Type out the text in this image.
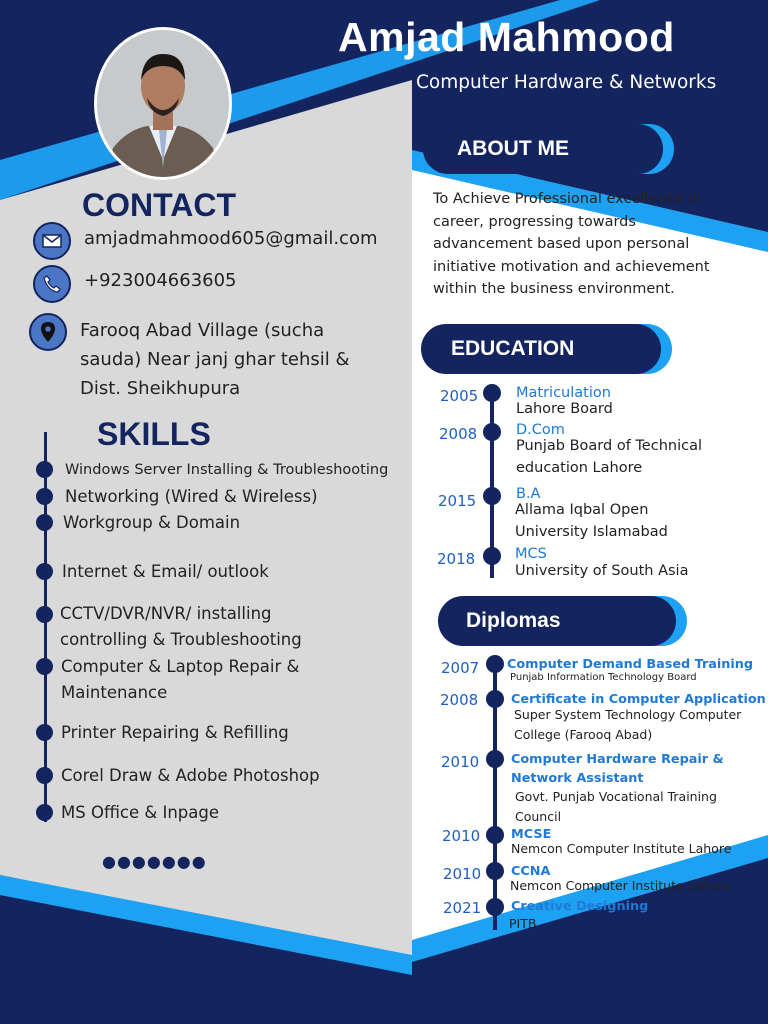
Amjad Mahmood
Computer Hardware & Networks
CONTACT
amjadmahmood605@gmail.com
+923004663605
Farooq Abad Village (sucha
sauda) Near janj ghar tehsil &
Dist. Sheikhupura
SKILLS
Windows Server Installing & Troubleshooting
Networking (Wired & Wireless)
Workgroup & Domain
Internet & Email/ outlook
CCTV/DVR/NVR/ installing
controlling & Troubleshooting
Computer & Laptop Repair &
Maintenance
Printer Repairing & Refilling
Corel Draw & Adobe Photoshop
MS Office & Inpage
●●●●●●●
ABOUT ME
To Achieve Professional excellence in career, progressing towards advancement based upon personal initiative motivation and achievement within the business environment.
EDUCATION
2005	Matriculation
Lahore Board
2008	D.Com
Punjab Board of Technical education Lahore
2015	B.A
Allama Iqbal Open University Islamabad
2018	MCS
University of South Asia
Diplomas
2007 Computer Demand Based Training
Punjab Information Technology Board
2008	Certificate in Computer Application
Super System Technology Computer College (Farooq Abad)
2010 Computer Hardware Repair & Network Assistant
Govt. Punjab Vocational Training Council
2010 MCSE
Nemcon Computer Institute Lahore
2010 CCNA
Nemcon Computer Institute Lahore
2021 Creative Designing
PITB
